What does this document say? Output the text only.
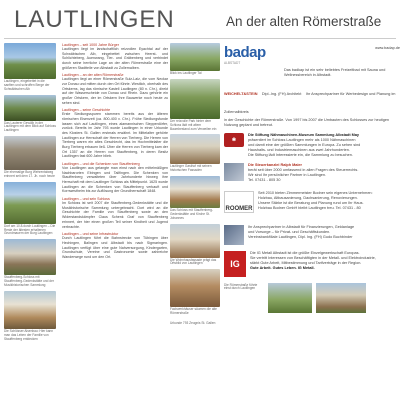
LAUTLINGEN	An der alten Römerstraße
Lautlingen, eingebettet in die sanften und schroffen Berge der Schwäbischen Alb
Das Lauterer Gewölb in der Lautlingen mit dem Blick auf Schloss Lautlingen
Die ehemalige Burg Wehrentalweg erinnert seit dem 17. Jh. noch heute
Dorf am 10.8.durch Lautlingen – Die Reste der ältesten erhaltenen Grundmauern der Burg Lautlingen
Stauffenberg-Schloss mit Stauffenberg-Gedenkstätte und der Musikhistorischen Sammlung
Die Schlösser Alsenbau: Hier kann man das Leben der Familie von Stauffenberg entdecken
Lautlingen – seit 1000 Jahre Bürger
Lautlingen liegt im landschaftlich reizvollen Eyachtal auf der Schwäbischen Alb, eingebettet zwischen Heerst- und Schlichteberg, Auenwang, Tier- und Gräbenberg und verbindet durch seine herrliche Lage an der alten Römerstraße eine der größeren Stadtteile von Albstadt zu Zollernalben.
Lautlingen – an der alten Römerstraße
Lautlingen liegt an einer Römerstraße Sulz-Laiz, die vom Neckar zur Donau und mitten durch den Ort führte. Westlich, oberhalb des Ortskerns, lag das römische Kastell Lautlingen (80 n. Chr.), direkt auf der Wasserscheide von Donau und Rhein. Dazu gehörte ein großer Ortskern, der im Ortskern Ihre Bauwerke noch heute zu sehen sind.
Lautlingen – seine Geschichte
Erste Siedlungsspuren stammen bereits aus der älteren römischen Eisenzeit (ca. 800-400 v. Chr.). Frühe Siedlungsfunde lassen sich auf Lautlingen, eines alamannischen Siepperdörfer, zurück. Bereits im Jahr 793 wurde Lautlingen in einer Urkunde des Klosters St. Gallen erstmals erwähnt. Im Mittelalter gehörte Lautlingen zur Herrschaft der Herren von Tierberg. Die Herren von Tierberg waren ein altes Geschlecht, das im Hochmittelalter die Burg Tierberg erbauen ließ. Über die Herren von Tierberg kam der Ort 1357 an die Herren von Stauffenberg, in deren Besitz Lautlingen fast 600 Jahre blieb.
Lautlingen – und die Schenken von Stauffenberg
Von Lautlingen aus gelangte man einst nach den mittelmäßigen Nachbarorten Ebingen und Tailfingen. Die Schenken von Stauffenberg verwalteten über Jahrhunderte hinweg ihre Herrschaft mit dem Lautlinger Schloss als Mittelpunkt. 1625 wurde Lautlingen an die Schenken von Stauffenberg verkauft und Kornwestheim bis zur Auflösung der Grundherrschaft 1848.
Lautlingen – und sein Schloss
Im Schloss ist seit 2007 die Stauffenberg-Gedenkstätte und die Musikhistorische Sammlung untergebracht. Dort wird an die Geschichte der Familie von Stauffenberg sowie an den Widerstandskämpfer Claus Schenk Graf von Stauffenberg erinnert, der hier einen großen Teil seiner Kindheit und Jugend verbrachte.
Lautlingen – und seine Infrastruktur
Durch Lautlingen führt die Bahnstrecke von Tübingen über Hechingen, Balingen und Albstadt bis nach Sigmaringen. Lautlingen verfügt über eine gute Nahversorgung, Kindergarten, Grundschule, Vereine und Gastronomie sowie zahlreiche Wanderwege rund um den Ort.
Blick ins Lautlinger Tal
Der reizvolle Park hinter dem Schloss lädt mit altem Baumbestand zum Verweilen ein
Lautlinger Gasthof mit seinen historischen Fassaden
Das Schloss mit Stauffenberg-Gedenkstätte und Kirche St. Johannes
Die Wohnhausfassade prägt das Ortsbild von Lautlingen
Fachwerkhäuser säumen die alte Römerstraße
Urkunde 793 Zeugnis St. Gallen
badap
ALBSTADT
www.badap.de
Das badkap ist ein sehr beliebtes Freizeitbad mit Sauna und Wellnessbereich in Albstadt.
WEICHELT&STEIN Dipl.-Ing. (FH) Architekt Ihr Ansprechpartner für Werbedesign und Planung im Zollernalbkreis
in der Geschichte der Römerstraße. Von 1997 bis 2007 die Umbauten des Schlosses zur heutigen Nutzung geplant und betreut.
❀
Die Stiftung Nähmaschinen-Museum Sammlung Albstadt May
präsentiert im Schloss Lautlingen mehr als 1000 Nähmaschinen
und damit eine der größten Sammlungen in Europa. Zu sehen sind
Haushalts- und Industriemaschinen aus zwei Jahrhunderten.
Die Stiftung lädt Interessierte ein, die Sammlung zu besuchen.
Die Steuerkanzlei Ralph Maier
berät seit über 2000 umfassend in allen Fragen des Steuerrechts.
Wir sind Ihr persönlicher Partner in Lautlingen.
Tel. 07431 - 805 30
ROOMER
Seit 2010 bieten Zimmermeister Bodner sein eigenes Unternehmen:
Holzbau, Altbausanierung, Dachsanierung, Renovierungen.
Unsere Stärke ist die Beratung und Planung rund um Ihr Haus.
Holzbau Bodner GmbH bleibt Lautlingen treu. Tel. 07431 - 80
Ihr Ansprechpartner in Albstadt für Finanzierungen, Geldanlage
und Vorsorge – für Privat- und Geschäftskunden.
Vereinsbankfiliale Lautlingen, Dipl. Ing. (FH) Gudo Buchbinder
IG
Die IG Metall Albstadt ist die größte Einzelgewerkschaft Europas.
Sie vertritt Interessen von Beschäftigten in der Metall- und Elektroindustrie,
stärkt Gute Arbeit, Mitbestimmung und Tarifverträge in der Region.
Gute Arbeit. Gutes Leben. IG Metall.
Die Römerstraße führte einst durch Lautlingen
